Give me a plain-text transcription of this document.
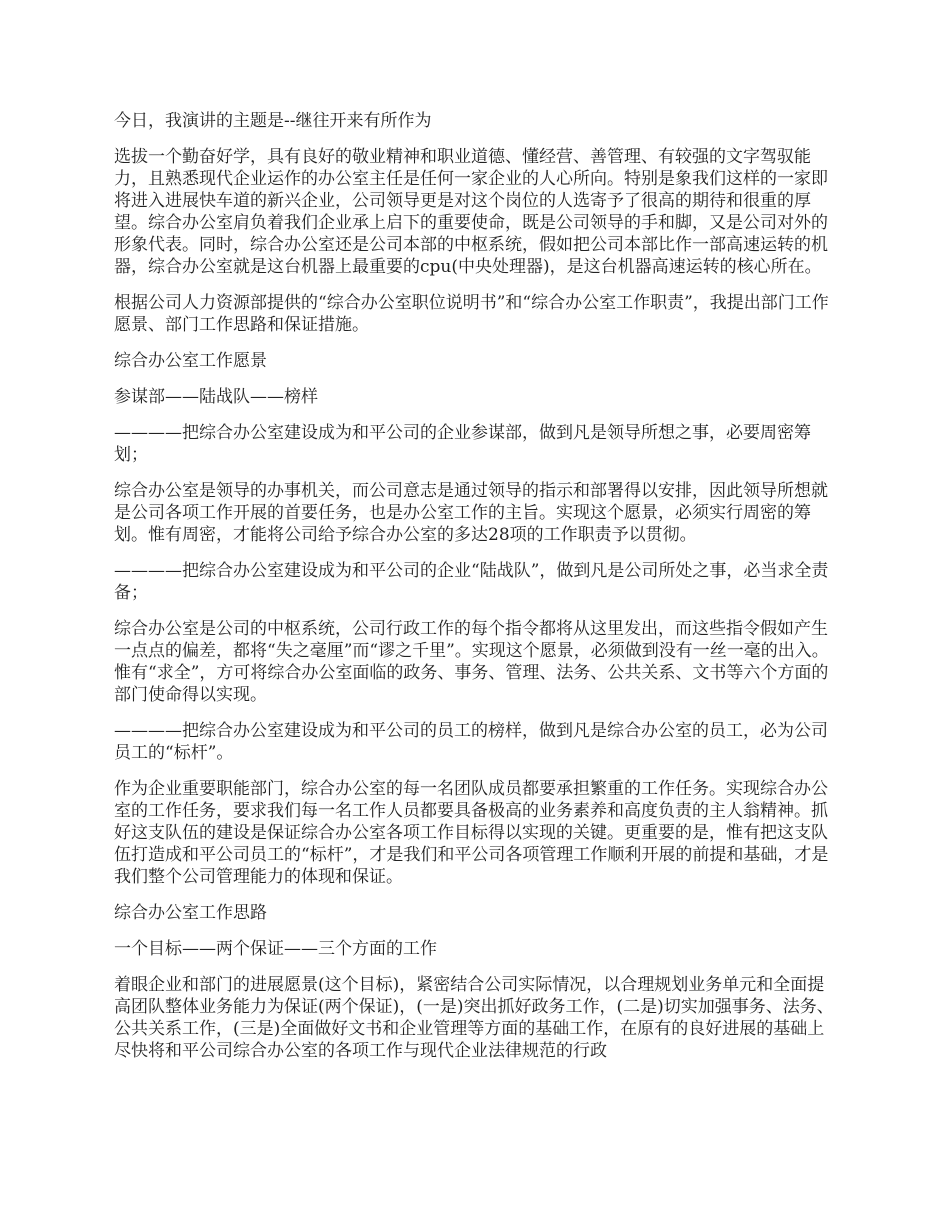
今日，我演讲的主题是--继往开来有所作为

选拔一个勤奋好学，具有良好的敬业精神和职业道德、懂经营、善管理、有较强的文字驾驭能力，且熟悉现代企业运作的办公室主任是任何一家企业的人心所向。特别是象我们这样的一家即将进入进展快车道的新兴企业，公司领导更是对这个岗位的人选寄予了很高的期待和很重的厚望。综合办公室肩负着我们企业承上启下的重要使命，既是公司领导的手和脚，又是公司对外的形象代表。同时，综合办公室还是公司本部的中枢系统，假如把公司本部比作一部高速运转的机器，综合办公室就是这台机器上最重要的cpu(中央处理器)，是这台机器高速运转的核心所在。

根据公司人力资源部提供的“综合办公室职位说明书”和“综合办公室工作职责”，我提出部门工作愿景、部门工作思路和保证措施。

综合办公室工作愿景

参谋部——陆战队——榜样

————把综合办公室建设成为和平公司的企业参谋部，做到凡是领导所想之事，必要周密筹划；

综合办公室是领导的办事机关，而公司意志是通过领导的指示和部署得以安排，因此领导所想就是公司各项工作开展的首要任务，也是办公室工作的主旨。实现这个愿景，必须实行周密的筹划。惟有周密，才能将公司给予综合办公室的多达28项的工作职责予以贯彻。

————把综合办公室建设成为和平公司的企业“陆战队”，做到凡是公司所处之事，必当求全责备；

综合办公室是公司的中枢系统，公司行政工作的每个指令都将从这里发出，而这些指令假如产生一点点的偏差，都将“失之毫厘”而“谬之千里”。实现这个愿景，必须做到没有一丝一毫的出入。惟有“求全”，方可将综合办公室面临的政务、事务、管理、法务、公共关系、文书等六个方面的部门使命得以实现。

————把综合办公室建设成为和平公司的员工的榜样，做到凡是综合办公室的员工，必为公司员工的“标杆”。

作为企业重要职能部门，综合办公室的每一名团队成员都要承担繁重的工作任务。实现综合办公室的工作任务，要求我们每一名工作人员都要具备极高的业务素养和高度负责的主人翁精神。抓好这支队伍的建设是保证综合办公室各项工作目标得以实现的关键。更重要的是，惟有把这支队伍打造成和平公司员工的“标杆”，才是我们和平公司各项管理工作顺利开展的前提和基础，才是我们整个公司管理能力的体现和保证。

综合办公室工作思路

一个目标——两个保证——三个方面的工作

着眼企业和部门的进展愿景(这个目标)，紧密结合公司实际情况，以合理规划业务单元和全面提高团队整体业务能力为保证(两个保证)，(一是)突出抓好政务工作，(二是)切实加强事务、法务、公共关系工作，(三是)全面做好文书和企业管理等方面的基础工作，在原有的良好进展的基础上尽快将和平公司综合办公室的各项工作与现代企业法律规范的行政
